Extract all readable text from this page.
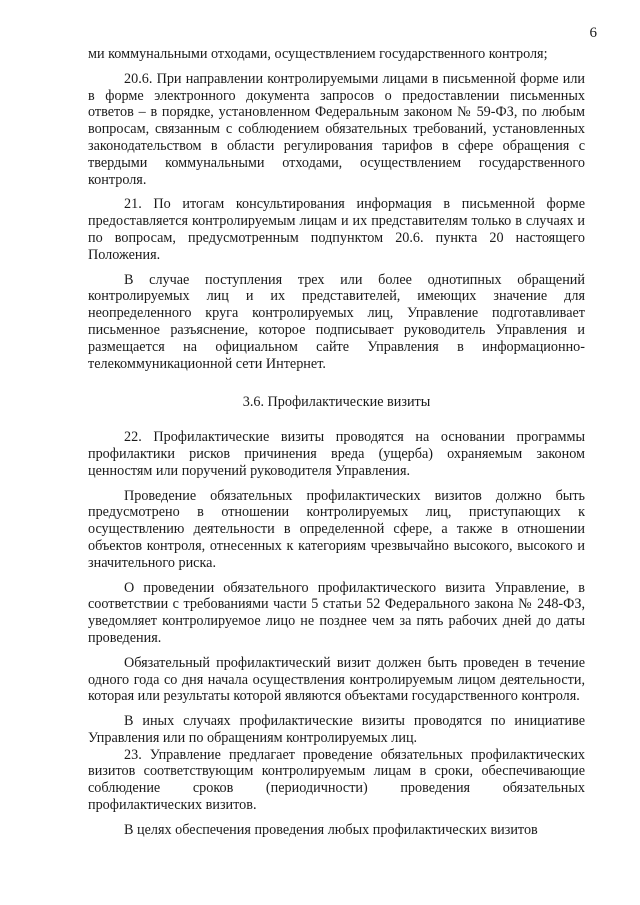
6

ми коммунальными отходами, осуществлением государственного контроля;

20.6. При направлении контролируемыми лицами в письменной форме или в форме электронного документа запросов о предоставлении письменных ответов – в порядке, установленном Федеральным законом № 59-ФЗ, по любым вопросам, связанным с соблюдением обязательных требований, установленных законодательством в области регулирования тарифов в сфере обращения с твердыми коммунальными отходами, осуществлением государственного контроля.

21. По итогам консультирования информация в письменной форме предоставляется контролируемым лицам и их представителям только в случаях и по вопросам, предусмотренным подпунктом 20.6. пункта 20 настоящего Положения.

В случае поступления трех или более однотипных обращений контролируемых лиц и их представителей, имеющих значение для неопределенного круга контролируемых лиц, Управление подготавливает письменное разъяснение, которое подписывает руководитель Управления и размещается на официальном сайте Управления в информационно-телекоммуникационной сети Интернет.

3.6. Профилактические визиты

22. Профилактические визиты проводятся на основании программы профилактики рисков причинения вреда (ущерба) охраняемым законом ценностям или поручений руководителя Управления.

Проведение обязательных профилактических визитов должно быть предусмотрено в отношении контролируемых лиц, приступающих к осуществлению деятельности в определенной сфере, а также в отношении объектов контроля, отнесенных к категориям чрезвычайно высокого, высокого и значительного риска.

О проведении обязательного профилактического визита Управление, в соответствии с требованиями части 5 статьи 52 Федерального закона № 248-ФЗ, уведомляет контролируемое лицо не позднее чем за пять рабочих дней до даты проведения.

Обязательный профилактический визит должен быть проведен в течение одного года со дня начала осуществления контролируемым лицом деятельности, которая или результаты которой являются объектами государственного контроля.

В иных случаях профилактические визиты проводятся по инициативе Управления или по обращениям контролируемых лиц.

23. Управление предлагает проведение обязательных профилактических визитов соответствующим контролируемым лицам в сроки, обеспечивающие соблюдение сроков (периодичности) проведения обязательных профилактических визитов.

В целях обеспечения проведения любых профилактических визитов
